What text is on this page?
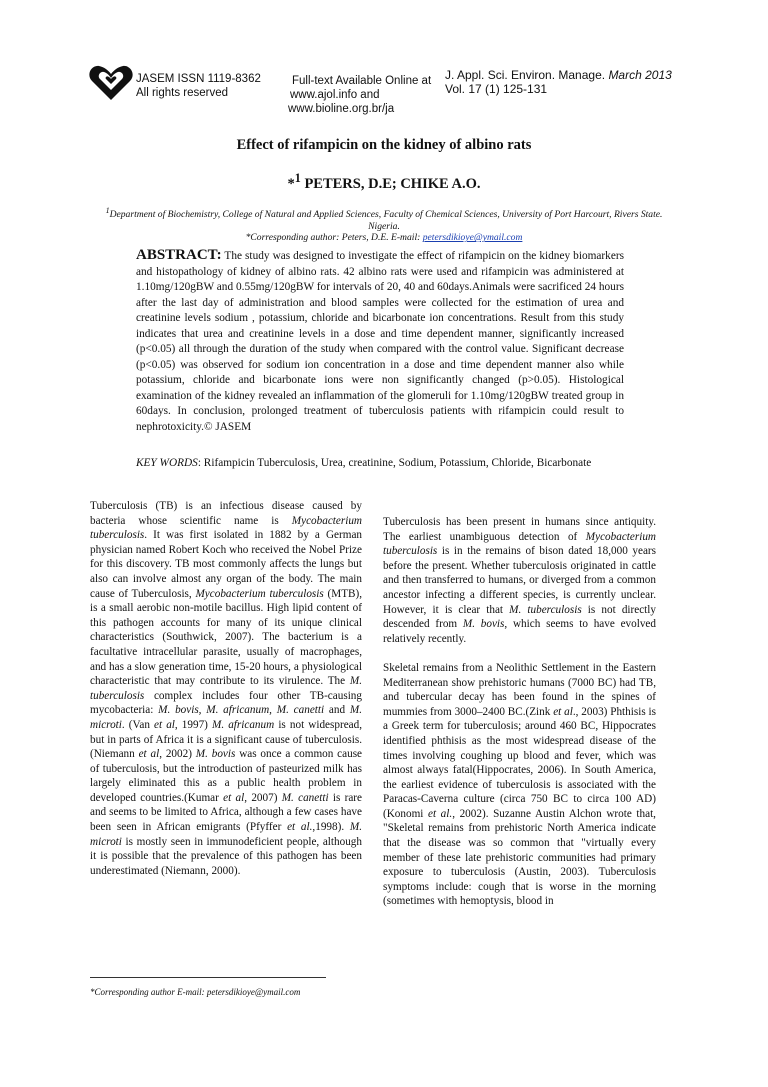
JASEM ISSN 1119-8362
All rights reserved
Full-text Available Online at
www.ajol.info and
www.bioline.org.br/ja
J. Appl. Sci. Environ. Manage. March 2013
Vol. 17 (1) 125-131
Effect of rifampicin on the kidney of albino rats
*$^1$ PETERS, D.E; CHIKE A.O.
$^1$Department of Biochemistry, College of Natural and Applied Sciences, Faculty of Chemical Sciences, University of Port Harcourt, Rivers State. Nigeria.
*Corresponding author: Peters, D.E. E-mail: petersdikioye@ymail.com
ABSTRACT: The study was designed to investigate the effect of rifampicin on the kidney biomarkers and histopathology of kidney of albino rats. 42 albino rats were used and rifampicin was administered at 1.10mg/120gBW and 0.55mg/120gBW for intervals of 20, 40 and 60days.Animals were sacrificed 24 hours after the last day of administration and blood samples were collected for the estimation of urea and creatinine levels sodium , potassium, chloride and bicarbonate ion concentrations. Result from this study indicates that urea and creatinine levels in a dose and time dependent manner, significantly increased (p<0.05) all through the duration of the study when compared with the control value. Significant decrease (p<0.05) was observed for sodium ion concentration in a dose and time dependent manner also while potassium, chloride and bicarbonate ions were non significantly changed (p>0.05). Histological examination of the kidney revealed an inflammation of the glomeruli for 1.10mg/120gBW treated group in 60days. In conclusion, prolonged treatment of tuberculosis patients with rifampicin could result to nephrotoxicity.© JASEM
KEY WORDS: Rifampicin Tuberculosis, Urea, creatinine, Sodium, Potassium, Chloride, Bicarbonate

Tuberculosis (TB) is an infectious disease caused by bacteria whose scientific name is Mycobacterium tuberculosis. It was first isolated in 1882 by a German physician named Robert Koch who received the Nobel Prize for this discovery. TB most commonly affects the lungs but also can involve almost any organ of the body. The main cause of Tuberculosis, Mycobacterium tuberculosis (MTB), is a small aerobic non-motile bacillus. High lipid content of this pathogen accounts for many of its unique clinical characteristics (Southwick, 2007). The bacterium is a facultative intracellular parasite, usually of macrophages, and has a slow generation time, 15-20 hours, a physiological characteristic that may contribute to its virulence. The M. tuberculosis complex includes four other TB-causing mycobacteria: M. bovis, M. africanum, M. canetti and M. microti. (Van et al, 1997) M. africanum is not widespread, but in parts of Africa it is a significant cause of tuberculosis.(Niemann et al, 2002) M. bovis was once a common cause of tuberculosis, but the introduction of pasteurized milk has largely eliminated this as a public health problem in developed countries.(Kumar et al, 2007) M. canetti is rare and seems to be limited to Africa, although a few cases have been seen in African emigrants (Pfyffer et al.,1998). M. microti is mostly seen in immunodeficient people, although it is possible that the prevalence of this pathogen has been underestimated (Niemann, 2000).

Tuberculosis has been present in humans since antiquity. The earliest unambiguous detection of Mycobacterium tuberculosis is in the remains of bison dated 18,000 years before the present. Whether tuberculosis originated in cattle and then transferred to humans, or diverged from a common ancestor infecting a different species, is currently unclear. However, it is clear that M. tuberculosis is not directly descended from M. bovis, which seems to have evolved relatively recently.

Skeletal remains from a Neolithic Settlement in the Eastern Mediterranean show prehistoric humans (7000 BC) had TB, and tubercular decay has been found in the spines of mummies from 3000–2400 BC.(Zink et al., 2003) Phthisis is a Greek term for tuberculosis; around 460 BC, Hippocrates identified phthisis as the most widespread disease of the times involving coughing up blood and fever, which was almost always fatal(Hippocrates, 2006). In South America, the earliest evidence of tuberculosis is associated with the Paracas-Caverna culture (circa 750 BC to circa 100 AD) (Konomi et al., 2002). Suzanne Austin Alchon wrote that, "Skeletal remains from prehistoric North America indicate that the disease was so common that "virtually every member of these late prehistoric communities had primary exposure to tuberculosis (Austin, 2003). Tuberculosis symptoms include: cough that is worse in the morning (sometimes with hemoptysis, blood in

*Corresponding author E-mail: petersdikioye@ymail.com
